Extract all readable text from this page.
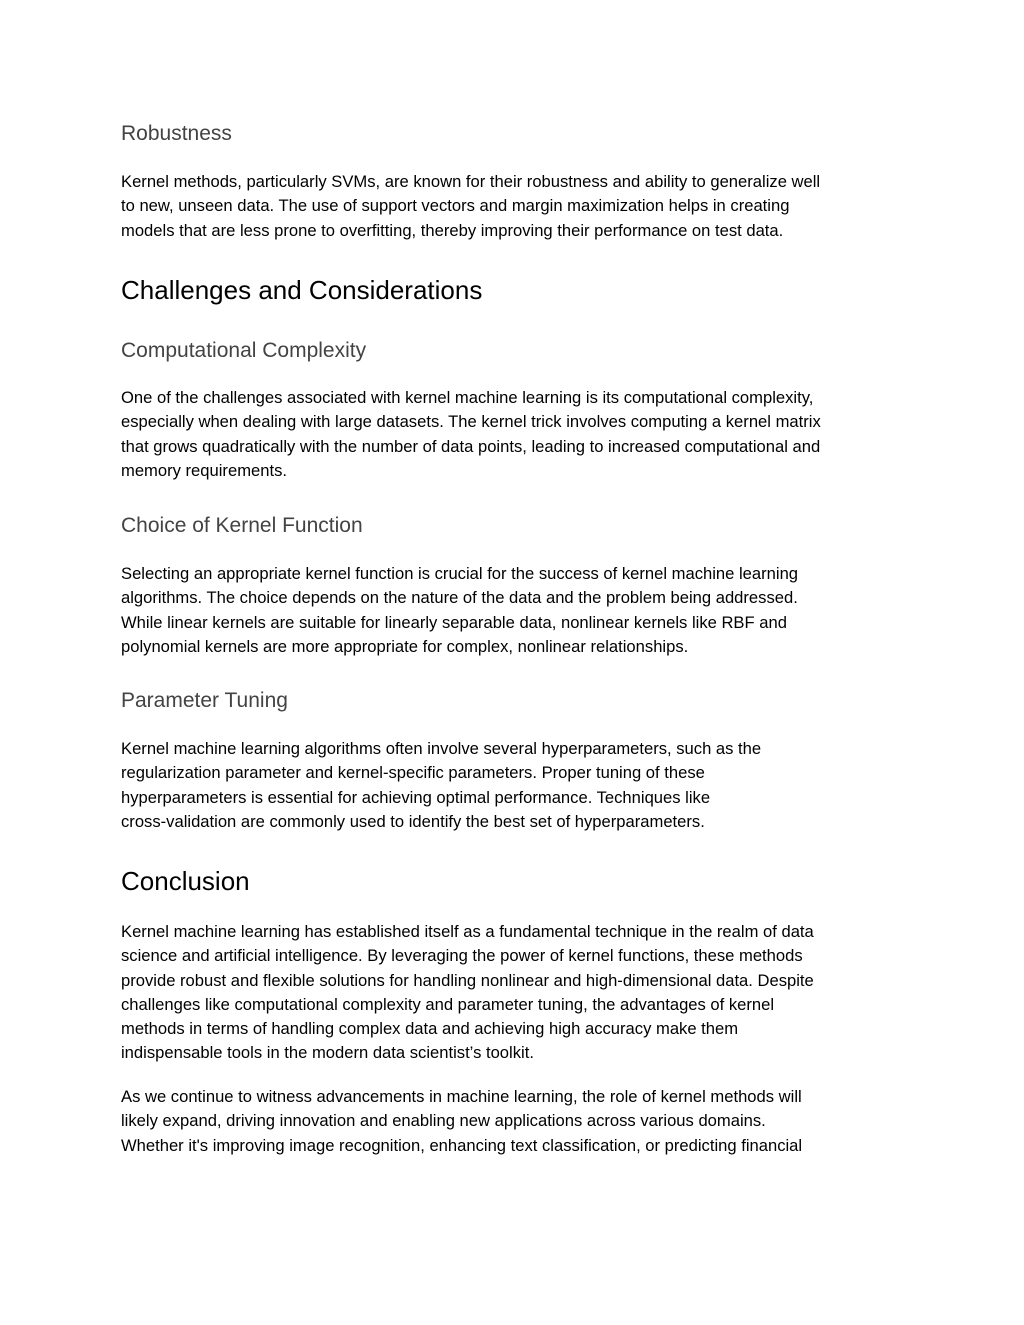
Robustness
Kernel methods, particularly SVMs, are known for their robustness and ability to generalize well
to new, unseen data. The use of support vectors and margin maximization helps in creating
models that are less prone to overfitting, thereby improving their performance on test data.
Challenges and Considerations
Computational Complexity
One of the challenges associated with kernel machine learning is its computational complexity,
especially when dealing with large datasets. The kernel trick involves computing a kernel matrix
that grows quadratically with the number of data points, leading to increased computational and
memory requirements.
Choice of Kernel Function
Selecting an appropriate kernel function is crucial for the success of kernel machine learning
algorithms. The choice depends on the nature of the data and the problem being addressed.
While linear kernels are suitable for linearly separable data, nonlinear kernels like RBF and
polynomial kernels are more appropriate for complex, nonlinear relationships.
Parameter Tuning
Kernel machine learning algorithms often involve several hyperparameters, such as the
regularization parameter and kernel-specific parameters. Proper tuning of these
hyperparameters is essential for achieving optimal performance. Techniques like
cross-validation are commonly used to identify the best set of hyperparameters.
Conclusion
Kernel machine learning has established itself as a fundamental technique in the realm of data
science and artificial intelligence. By leveraging the power of kernel functions, these methods
provide robust and flexible solutions for handling nonlinear and high-dimensional data. Despite
challenges like computational complexity and parameter tuning, the advantages of kernel
methods in terms of handling complex data and achieving high accuracy make them
indispensable tools in the modern data scientist’s toolkit.
As we continue to witness advancements in machine learning, the role of kernel methods will
likely expand, driving innovation and enabling new applications across various domains.
Whether it's improving image recognition, enhancing text classification, or predicting financial
